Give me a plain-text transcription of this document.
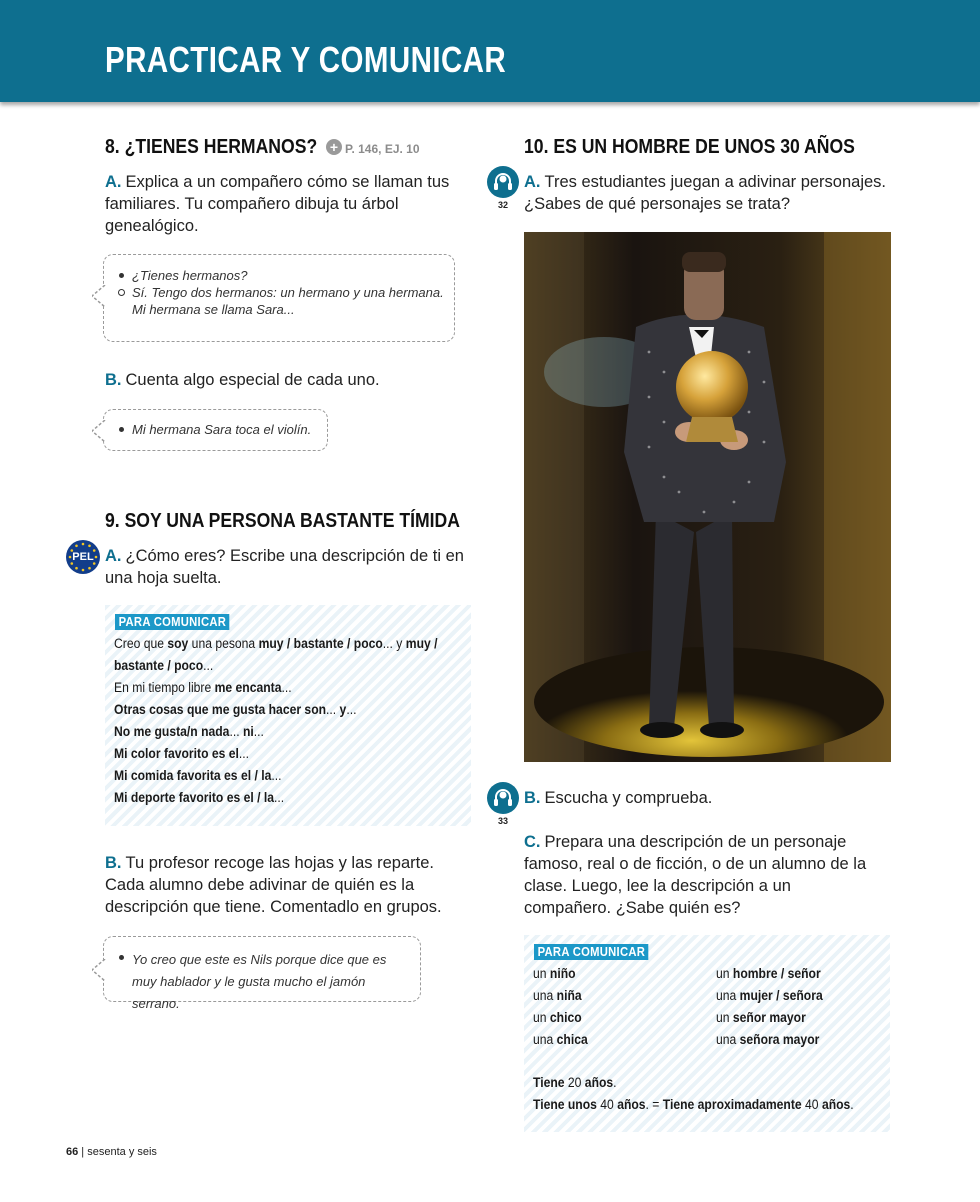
PRACTICAR Y COMUNICAR
8. ¿TIENES HERMANOS? + P. 146, EJ. 10

A. Explica a un compañero cómo se llaman tus familiares. Tu compañero dibuja tu árbol genealógico.

¿Tienes hermanos?
Sí. Tengo dos hermanos: un hermano y una hermana.
Mi hermana se llama Sara...

B. Cuenta algo especial de cada uno.

Mi hermana Sara toca el violín.
9. SOY UNA PERSONA BASTANTE TÍMIDA
PEL A. ¿Cómo eres? Escribe una descripción de ti en una hoja suelta.

PARA COMUNICAR
Creo que soy una pesona muy / bastante / poco... y muy /
bastante / poco...
En mi tiempo libre me encanta...
Otras cosas que me gusta hacer son... y...
No me gusta/n nada... ni...
Mi color favorito es el...
Mi comida favorita es el / la...
Mi deporte favorito es el / la...

B. Tu profesor recoge las hojas y las reparte. Cada alumno debe adivinar de quién es la descripción que tiene. Comentadlo en grupos.

Yo creo que este es Nils porque dice que es muy hablador y le gusta mucho el jamón serrano.
10. ES UN HOMBRE DE UNOS 30 AÑOS
32

A. Tres estudiantes juegan a adivinar personajes. ¿Sabes de qué personajes se trata?

33

B. Escucha y comprueba.

C. Prepara una descripción de un personaje famoso, real o de ficción, o de un alumno de la clase. Luego, lee la descripción a un compañero. ¿Sabe quién es?

PARA COMUNICAR
un niño
una niña
un chico
una chica
un hombre / señor
una mujer / señora
un señor mayor
una señora mayor
Tiene 20 años.
Tiene unos 40 años. = Tiene aproximadamente 40 años.
66 | sesenta y seis
